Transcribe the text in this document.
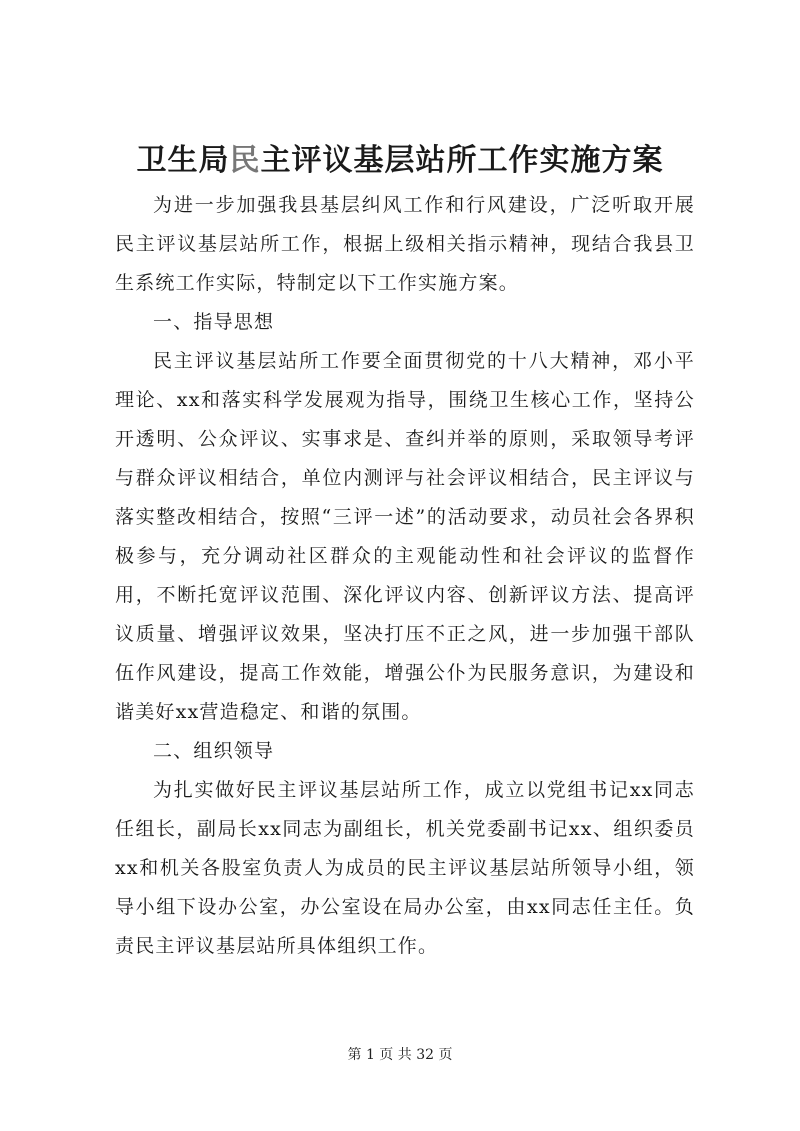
卫生局民主评议基层站所工作实施方案

为进一步加强我县基层纠风工作和行风建设，广泛听取开展民主评议基层站所工作，根据上级相关指示精神，现结合我县卫生系统工作实际，特制定以下工作实施方案。

一、指导思想

民主评议基层站所工作要全面贯彻党的十八大精神，邓小平理论、xx和落实科学发展观为指导，围绕卫生核心工作，坚持公开透明、公众评议、实事求是、查纠并举的原则，采取领导考评与群众评议相结合，单位内测评与社会评议相结合，民主评议与落实整改相结合，按照“三评一述”的活动要求，动员社会各界积极参与，充分调动社区群众的主观能动性和社会评议的监督作用，不断托宽评议范围、深化评议内容、创新评议方法、提高评议质量、增强评议效果，坚决打压不正之风，进一步加强干部队伍作风建设，提高工作效能，增强公仆为民服务意识，为建设和谐美好xx营造稳定、和谐的氛围。

二、组织领导

为扎实做好民主评议基层站所工作，成立以党组书记xx同志任组长，副局长xx同志为副组长，机关党委副书记xx、组织委员xx和机关各股室负责人为成员的民主评议基层站所领导小组，领导小组下设办公室，办公室设在局办公室，由xx同志任主任。负责民主评议基层站所具体组织工作。

第 1 页 共 32 页
